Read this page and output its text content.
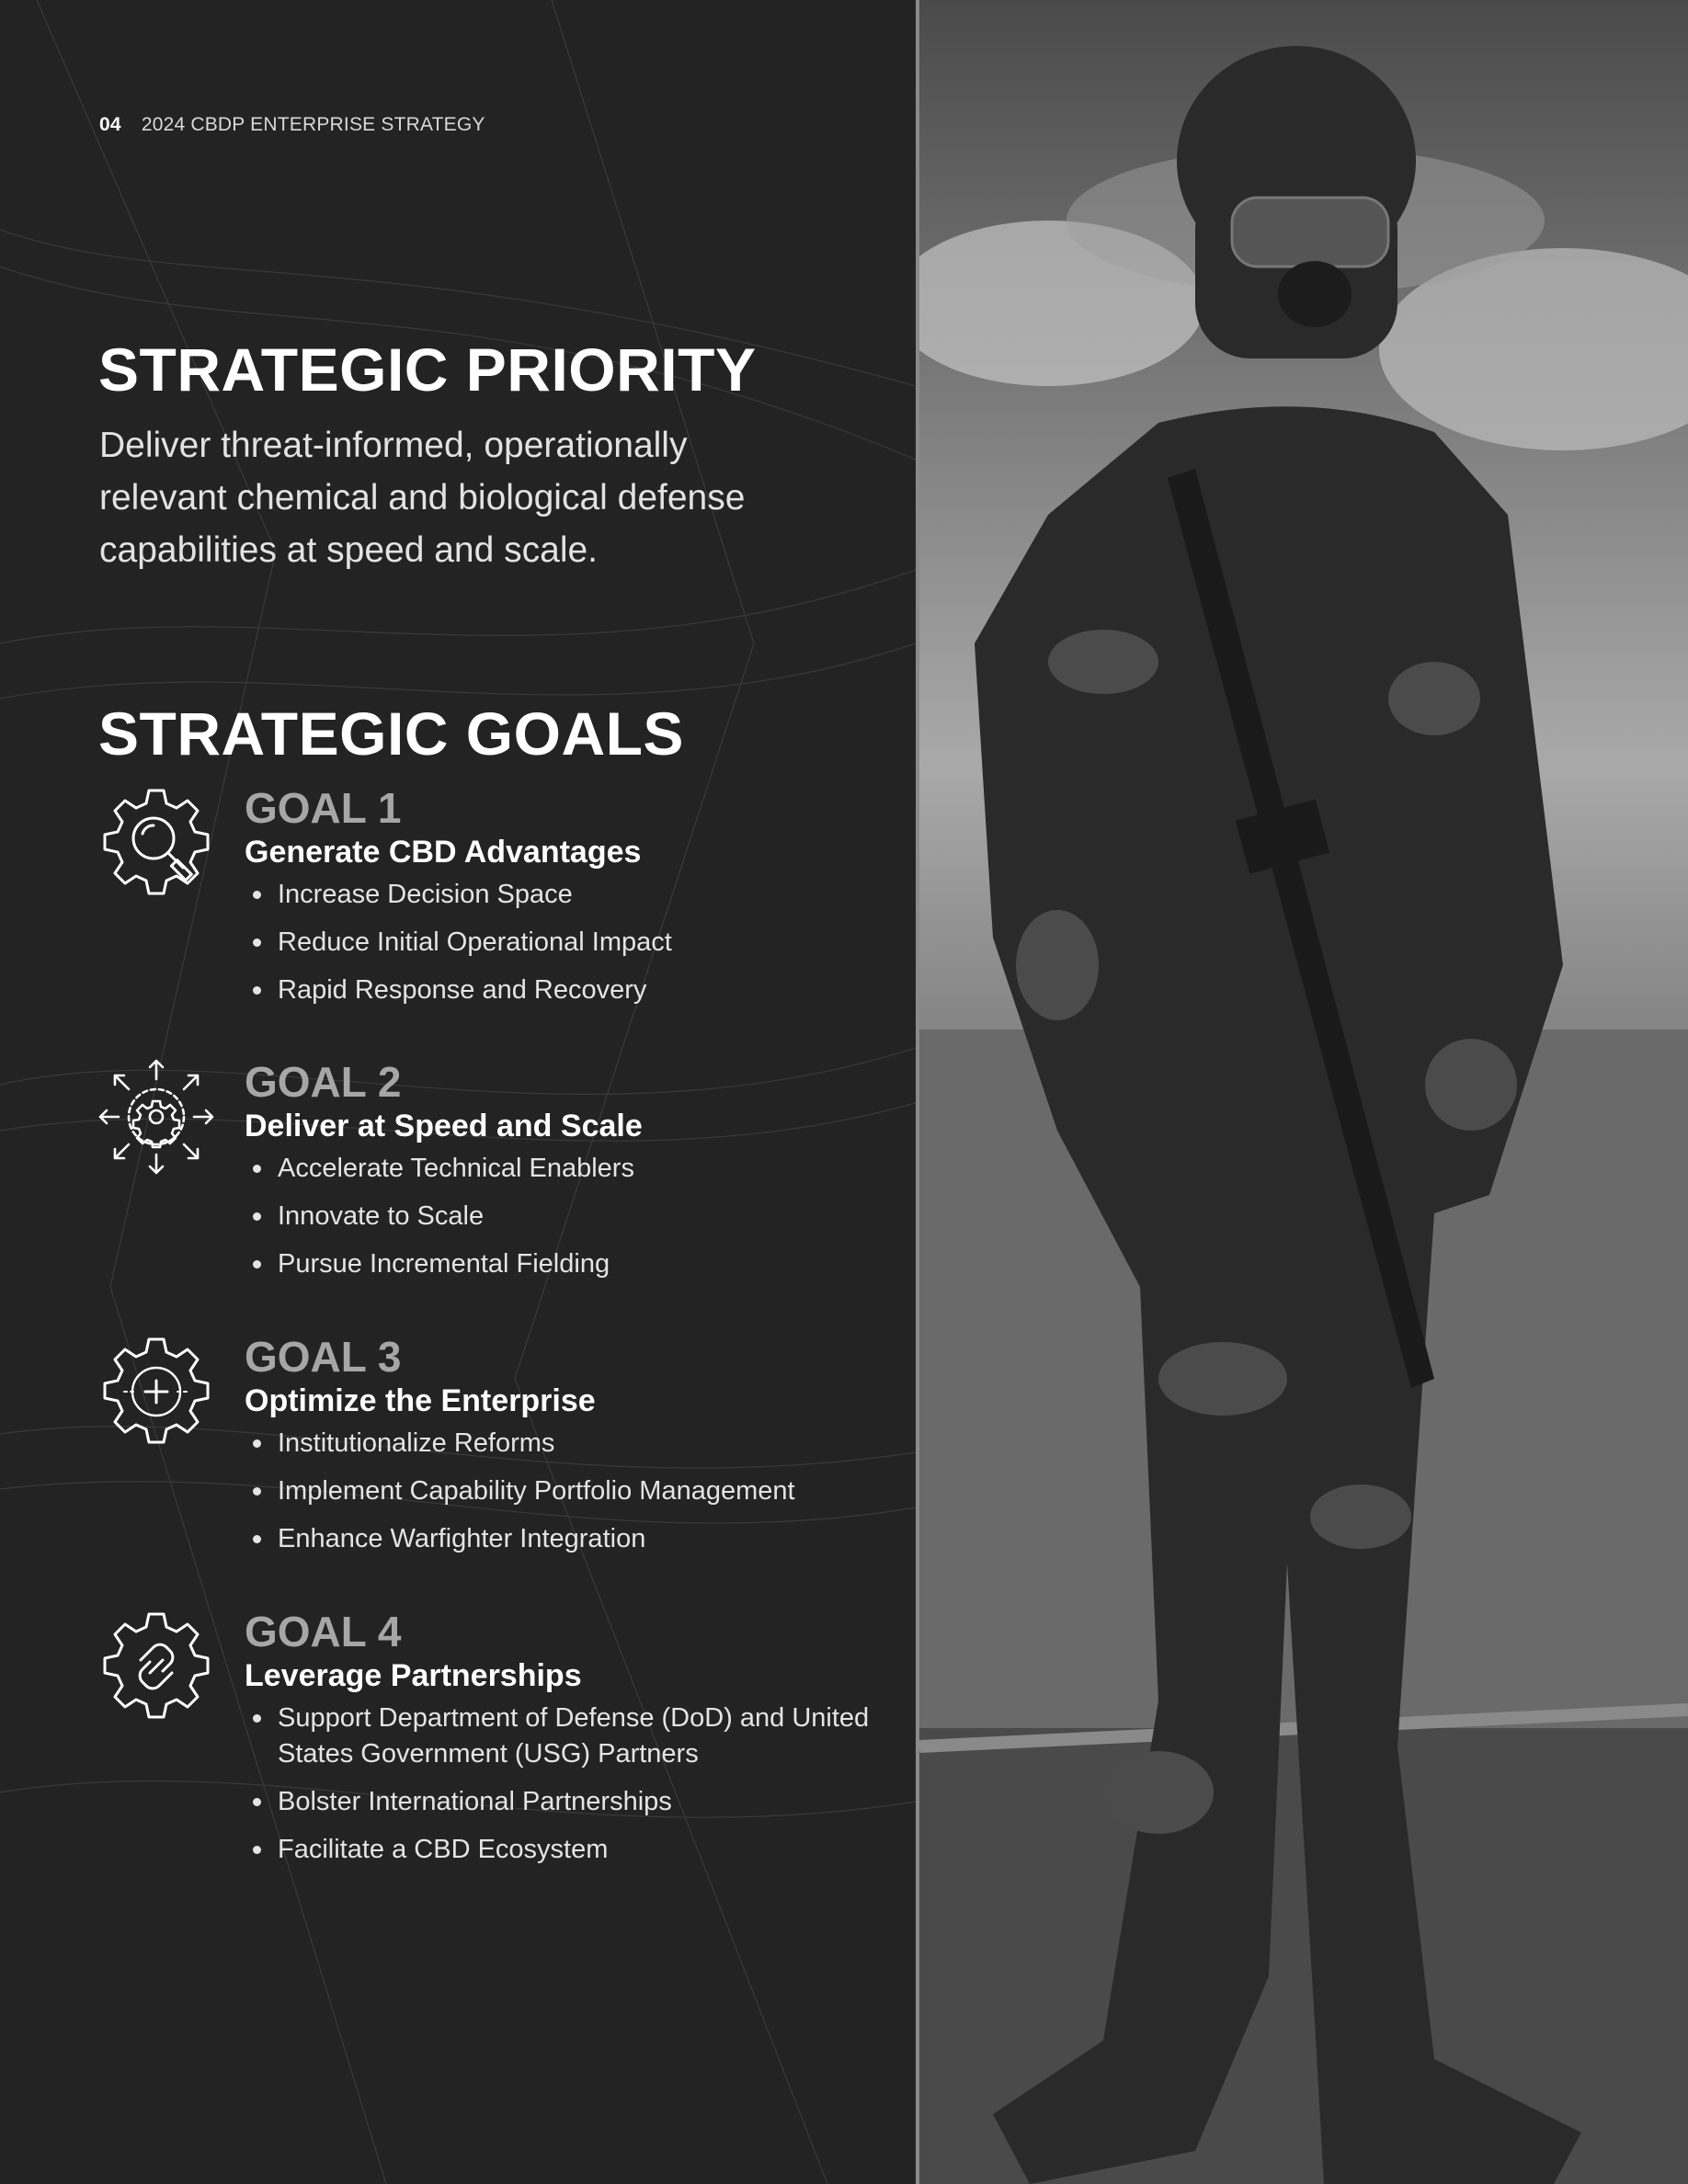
04 2024 CBDP ENTERPRISE STRATEGY
STRATEGIC PRIORITY

Deliver threat-informed, operationally relevant chemical and biological defense capabilities at speed and scale.

STRATEGIC GOALS
GOAL 1
Generate CBD Advantages
Increase Decision Space
Reduce Initial Operational Impact
Rapid Response and Recovery
GOAL 2
Deliver at Speed and Scale
Accelerate Technical Enablers
Innovate to Scale
Pursue Incremental Fielding
GOAL 3
Optimize the Enterprise
Institutionalize Reforms
Implement Capability Portfolio Management
Enhance Warfighter Integration
GOAL 4
Leverage Partnerships
Support Department of Defense (DoD) and United States Government (USG) Partners
Bolster International Partnerships
Facilitate a CBD Ecosystem
